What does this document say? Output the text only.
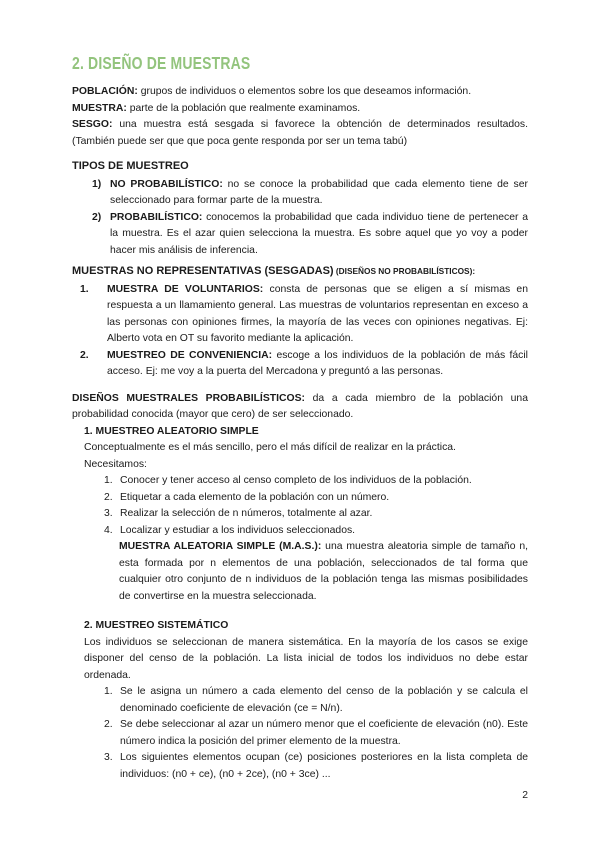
2. DISEÑO DE MUESTRAS
POBLACIÓN: grupos de individuos o elementos sobre los que deseamos información.
MUESTRA: parte de la población que realmente examinamos.
SESGO: una muestra está sesgada si favorece la obtención de determinados resultados. (También puede ser que que poca gente responda por ser un tema tabú)
TIPOS DE MUESTREO
1) NO PROBABILÍSTICO: no se conoce la probabilidad que cada elemento tiene de ser seleccionado para formar parte de la muestra.
2) PROBABILÍSTICO: conocemos la probabilidad que cada individuo tiene de pertenecer a la muestra. Es el azar quien selecciona la muestra. Es sobre aquel que yo voy a poder hacer mis análisis de inferencia.
MUESTRAS NO REPRESENTATIVAS (SESGADAS) (DISEÑOS NO PROBABILÍSTICOS):
1.	MUESTRA DE VOLUNTARIOS: consta de personas que se eligen a sí mismas en respuesta a un llamamiento general. Las muestras de voluntarios representan en exceso a las personas con opiniones firmes, la mayoría de las veces con opiniones negativas. Ej: Alberto vota en OT su favorito mediante la aplicación.
2.	MUESTREO DE CONVENIENCIA: escoge a los individuos de la población de más fácil acceso. Ej: me voy a la puerta del Mercadona y preguntó a las personas.
DISEÑOS MUESTRALES PROBABILÍSTICOS: da a cada miembro de la población una probabilidad conocida (mayor que cero) de ser seleccionado.
1. MUESTREO ALEATORIO SIMPLE
Conceptualmente es el más sencillo, pero el más difícil de realizar en la práctica.
Necesitamos:
1. Conocer y tener acceso al censo completo de los individuos de la población.
2. Etiquetar a cada elemento de la población con un número.
3. Realizar la selección de n números, totalmente al azar.
4. Localizar y estudiar a los individuos seleccionados.
MUESTRA ALEATORIA SIMPLE (M.A.S.): una muestra aleatoria simple de tamaño n, esta formada por n elementos de una población, seleccionados de tal forma que cualquier otro conjunto de n individuos de la población tenga las mismas posibilidades de convertirse en la muestra seleccionada.
2. MUESTREO SISTEMÁTICO
Los individuos se seleccionan de manera sistemática. En la mayoría de los casos se exige disponer del censo de la población. La lista inicial de todos los individuos no debe estar ordenada.
1. Se le asigna un número a cada elemento del censo de la población y se calcula el denominado coeficiente de elevación (ce = N/n).
2. Se debe seleccionar al azar un número menor que el coeficiente de elevación (n0). Este número indica la posición del primer elemento de la muestra.
3. Los siguientes elementos ocupan (ce) posiciones posteriores en la lista completa de individuos: (n0 + ce), (n0 + 2ce), (n0 + 3ce) ...
2
